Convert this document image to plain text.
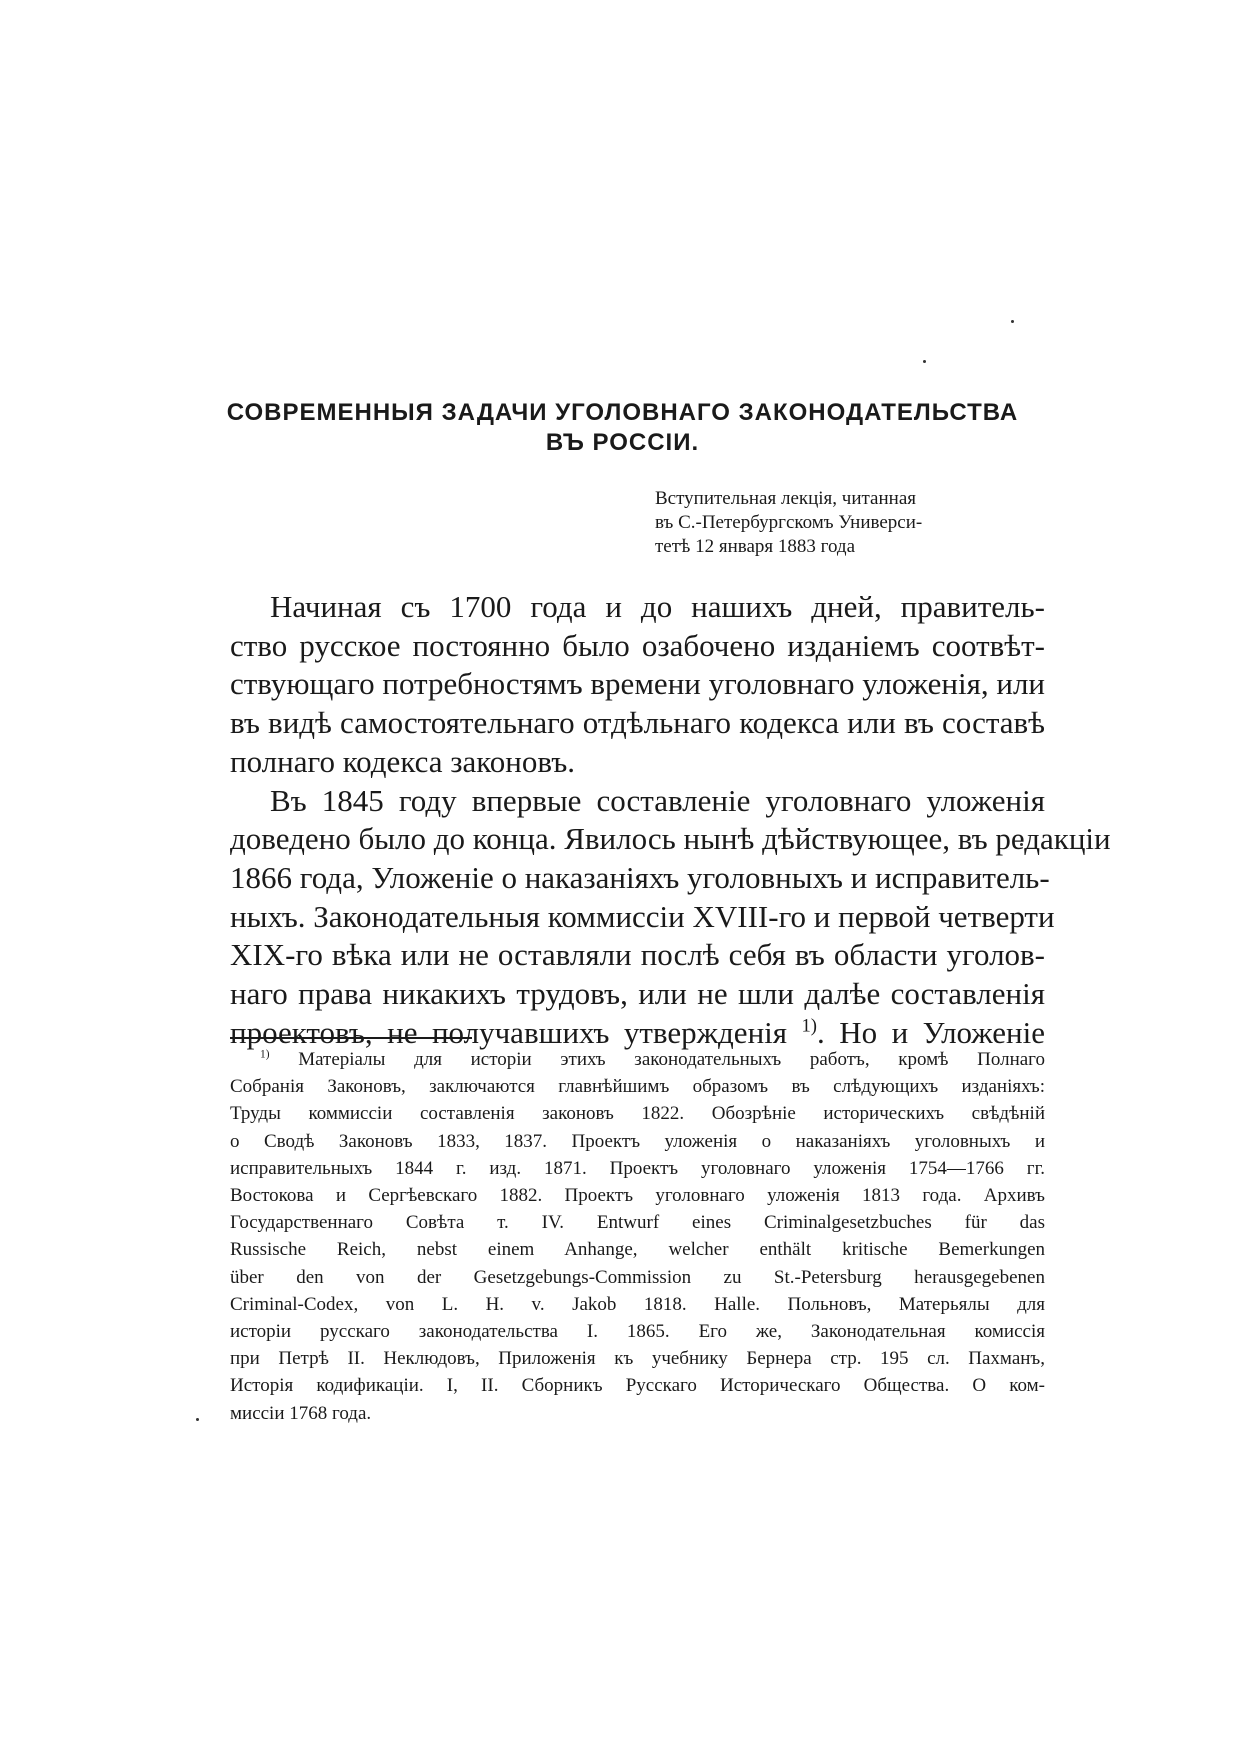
СОВРЕМЕННЫЯ ЗАДАЧИ УГОЛОВНАГО ЗАКОНОДАТЕЛЬСТВА
ВЪ РОССІИ.
Вступительная лекція, читанная
въ С.-Петербургскомъ Универси-
тетѣ 12 января 1883 года
Начиная съ 1700 года и до нашихъ дней, правитель-
ство русское постоянно было озабочено изданіемъ соотвѣт-
ствующаго потребностямъ времени уголовнаго уложенія, или
въ видѣ самостоятельнаго отдѣльнаго кодекса или въ составѣ
полнаго кодекса законовъ.
Въ 1845 году впервые составленіе уголовнаго уложенія
доведено было до конца. Явилось нынѣ дѣйствующее, въ редакціи
1866 года, Уложеніе о наказаніяхъ уголовныхъ и исправитель-
ныхъ. Законодательныя коммиссіи XVIII-го и первой четверти
XIX-го вѣка или не оставляли послѣ себя въ области уголов-
наго права никакихъ трудовъ, или не шли далѣе составленія
проектовъ, не получавшихъ утвержденія $^{1)}$. Но и Уложеніе
$^{1)}$ Матеріалы для исторіи этихъ законодательныхъ работъ, кромѣ Полнаго
Собранія Законовъ, заключаются главнѣйшимъ образомъ въ слѣдующихъ изданіяхъ:
Труды коммиссіи составленія законовъ 1822. Обозрѣніе историческихъ свѣдѣній
о Сводѣ Законовъ 1833, 1837. Проектъ уложенія о наказаніяхъ уголовныхъ и
исправительныхъ 1844 г. изд. 1871. Проектъ уголовнаго уложенія 1754—1766 гг.
Востокова и Сергѣевскаго 1882. Проектъ уголовнаго уложенія 1813 года. Архивъ
Государственнаго Совѣта т. IV. Entwurf eines Criminalgesetzbuches für das
Russische Reich, nebst einem Anhange, welcher enthält kritische Bemerkungen
über den von der Gesetzgebungs-Commission zu St.-Petersburg herausgegebenen
Criminal-Codex, von L. H. v. Jakob 1818. Halle. Польновъ, Матерьялы для
исторіи русскаго законодательства I. 1865. Его же, Законодательная комиссія
при Петрѣ II. Неклюдовъ, Приложенія къ учебнику Бернера стр. 195 сл. Пахманъ,
Исторія кодификаціи. I, II. Сборникъ Русскаго Историческаго Общества. О ком-
миссіи 1768 года.
